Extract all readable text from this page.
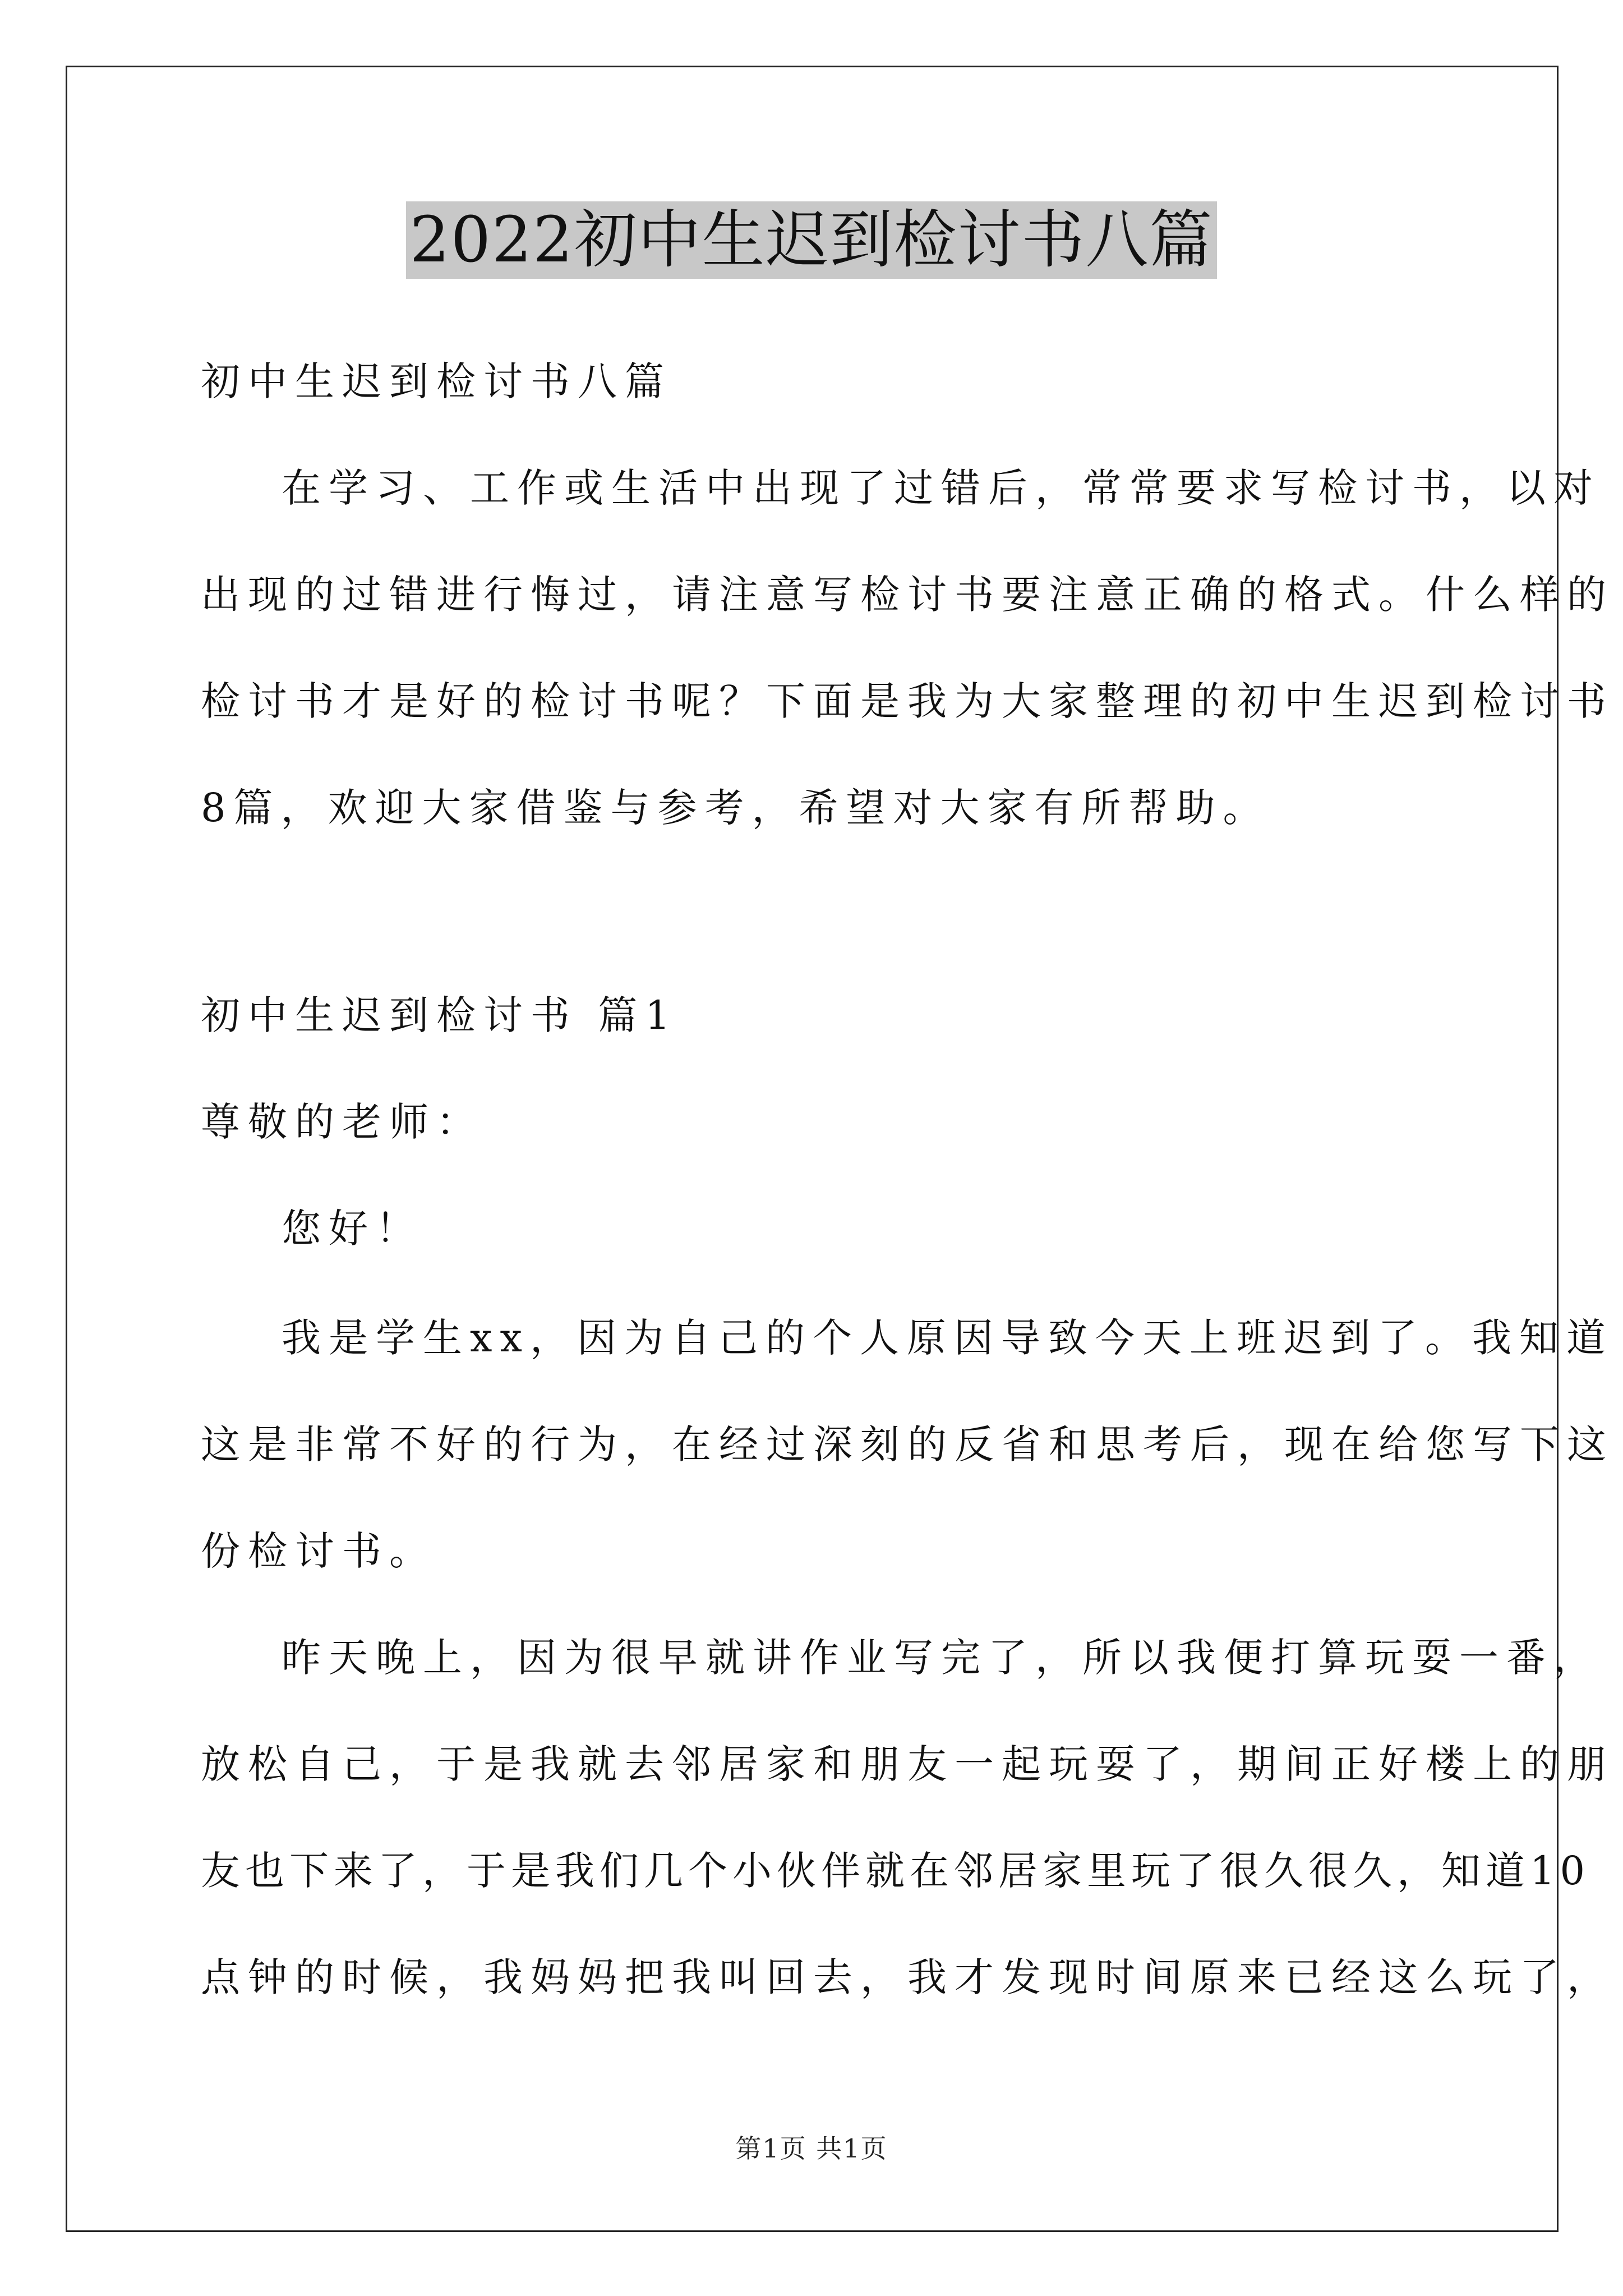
2022初中生迟到检讨书八篇
初中生迟到检讨书八篇
在学习、工作或生活中出现了过错后，常常要求写检讨书，以对
出现的过错进行悔过，请注意写检讨书要注意正确的格式。什么样的
检讨书才是好的检讨书呢？下面是我为大家整理的初中生迟到检讨书
8篇，欢迎大家借鉴与参考，希望对大家有所帮助。
初中生迟到检讨书 篇1
尊敬的老师：
您好！
我是学生xx，因为自己的个人原因导致今天上班迟到了。我知道
这是非常不好的行为，在经过深刻的反省和思考后，现在给您写下这
份检讨书。
昨天晚上，因为很早就讲作业写完了，所以我便打算玩耍一番，
放松自己，于是我就去邻居家和朋友一起玩耍了，期间正好楼上的朋
友也下来了，于是我们几个小伙伴就在邻居家里玩了很久很久，知道10
点钟的时候，我妈妈把我叫回去，我才发现时间原来已经这么玩了，
第1页 共1页
